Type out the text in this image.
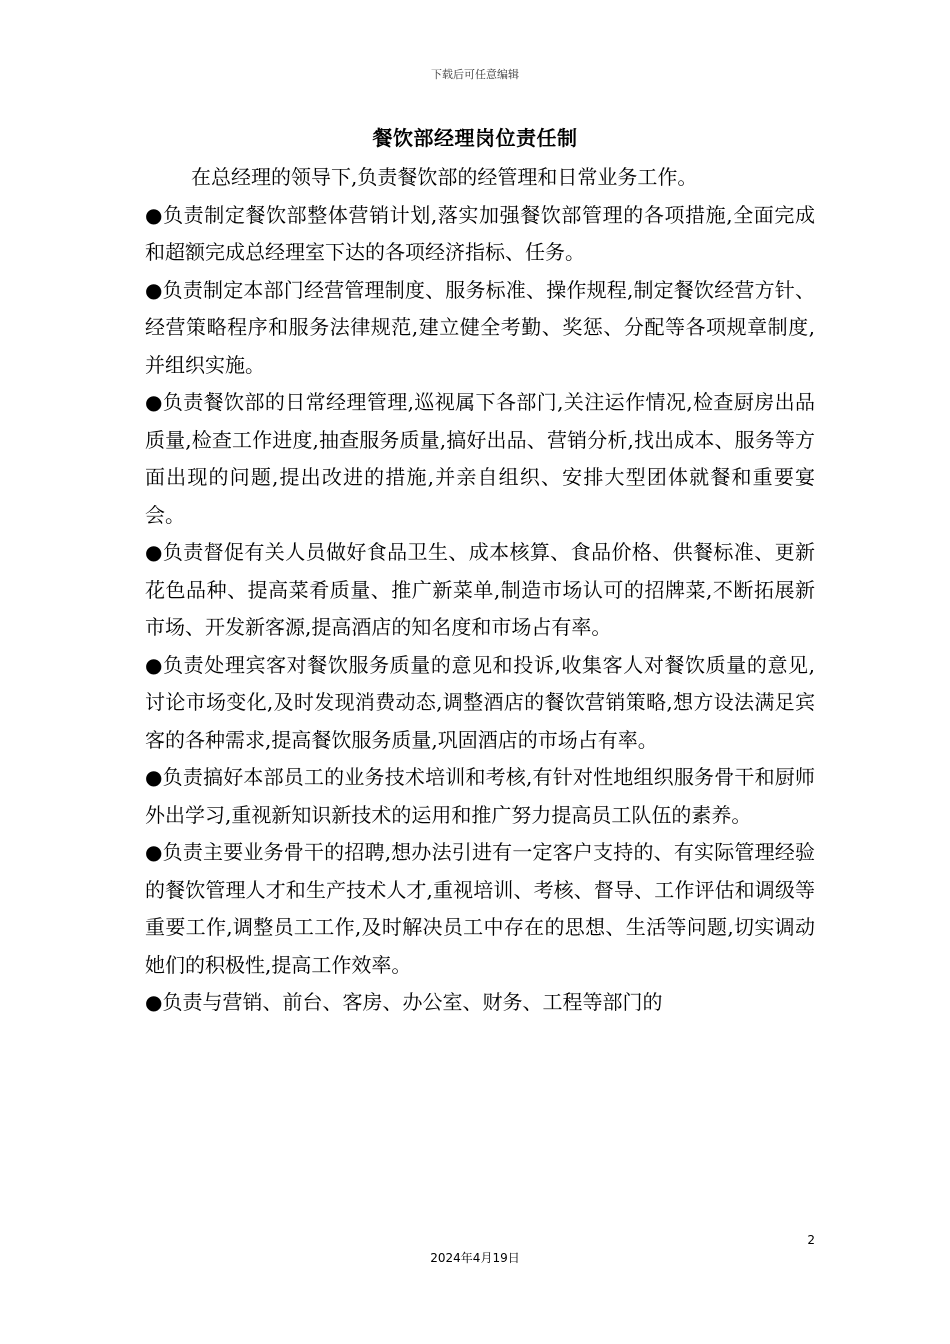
下载后可任意编辑
餐饮部经理岗位责任制

在总经理的领导下,负责餐饮部的经管理和日常业务工作。

●负责制定餐饮部整体营销计划,落实加强餐饮部管理的各项措施,全面完成和超额完成总经理室下达的各项经济指标、任务。

●负责制定本部门经营管理制度、服务标准、操作规程,制定餐饮经营方针、经营策略程序和服务法律规范,建立健全考勤、奖惩、分配等各项规章制度,并组织实施。

●负责餐饮部的日常经理管理,巡视属下各部门,关注运作情况,检查厨房出品质量,检查工作进度,抽查服务质量,搞好出品、营销分析,找出成本、服务等方面出现的问题,提出改进的措施,并亲自组织、安排大型团体就餐和重要宴会。

●负责督促有关人员做好食品卫生、成本核算、食品价格、供餐标准、更新花色品种、提高菜肴质量、推广新菜单,制造市场认可的招牌菜,不断拓展新市场、开发新客源,提高酒店的知名度和市场占有率。

●负责处理宾客对餐饮服务质量的意见和投诉,收集客人对餐饮质量的意见,讨论市场变化,及时发现消费动态,调整酒店的餐饮营销策略,想方设法满足宾客的各种需求,提高餐饮服务质量,巩固酒店的市场占有率。

●负责搞好本部员工的业务技术培训和考核,有针对性地组织服务骨干和厨师外出学习,重视新知识新技术的运用和推广努力提高员工队伍的素养。

●负责主要业务骨干的招聘,想办法引进有一定客户支持的、有实际管理经验的餐饮管理人才和生产技术人才,重视培训、考核、督导、工作评估和调级等重要工作,调整员工工作,及时解决员工中存在的思想、生活等问题,切实调动她们的积极性,提高工作效率。

●负责与营销、前台、客房、办公室、财务、工程等部门的

2
2024年4月19日
